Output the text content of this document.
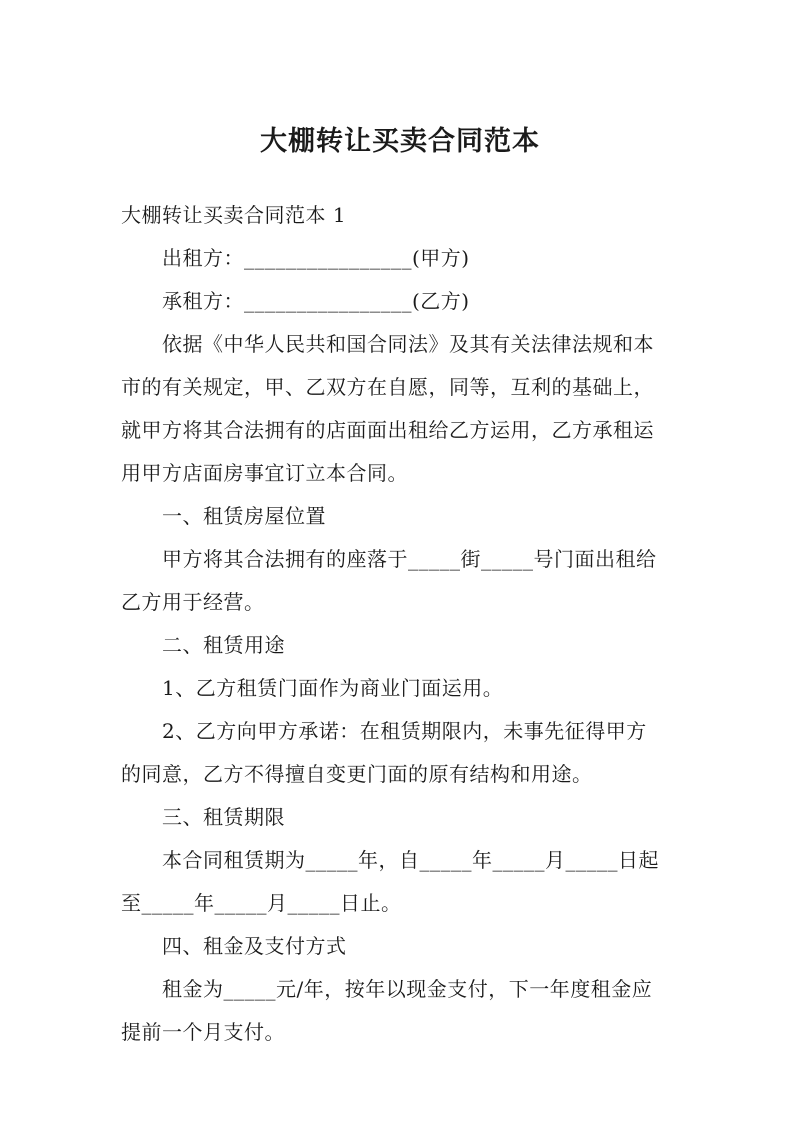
大棚转让买卖合同范本
大棚转让买卖合同范本 1
出租方：________________(甲方)
承租方：________________(乙方)
依据《中华人民共和国合同法》及其有关法律法规和本
市的有关规定，甲、乙双方在自愿，同等，互利的基础上，
就甲方将其合法拥有的店面面出租给乙方运用，乙方承租运
用甲方店面房事宜订立本合同。
一、租赁房屋位置
甲方将其合法拥有的座落于_____街_____号门面出租给
乙方用于经营。
二、租赁用途
1、乙方租赁门面作为商业门面运用。
2、乙方向甲方承诺：在租赁期限内，未事先征得甲方
的同意，乙方不得擅自变更门面的原有结构和用途。
三、租赁期限
本合同租赁期为_____年，自_____年_____月_____日起
至_____年_____月_____日止。
四、租金及支付方式
租金为_____元/年，按年以现金支付，下一年度租金应
提前一个月支付。
